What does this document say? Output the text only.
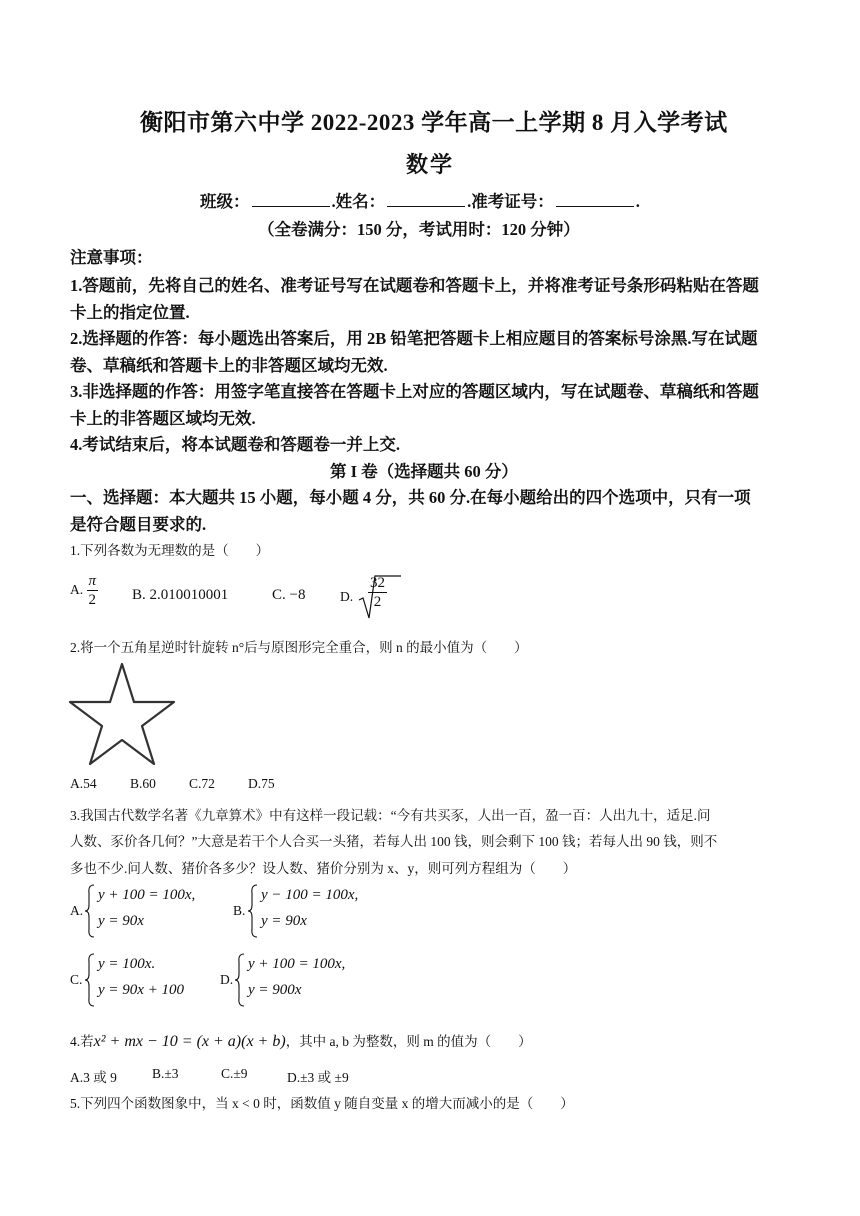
衡阳市第六中学 2022-2023 学年高一上学期 8 月入学考试
数学
班级：	.姓名：	.准考证号：	.
（全卷满分：150 分，考试用时：120 分钟）
注意事项：
1.答题前，先将自己的姓名、准考证号写在试题卷和答题卡上，并将准考证号条形码粘贴在答题
卡上的指定位置.
2.选择题的作答：每小题选出答案后，用 2B 铅笔把答题卡上相应题目的答案标号涂黑.写在试题
卷、草稿纸和答题卡上的非答题区域均无效.
3.非选择题的作答：用签字笔直接答在答题卡上对应的答题区域内，写在试题卷、草稿纸和答题
卡上的非答题区域均无效.
4.考试结束后，将本试题卷和答题卷一并上交.
第 I 卷（选择题共 60 分）
一、选择题：本大题共 15 小题，每小题 4 分，共 60 分.在每小题给出的四个选项中，只有一项
是符合题目要求的.
1.下列各数为无理数的是（　　）
A. $\frac{\pi}{2} B$. 2.010010001	C. −8	D. $\frac{32}{2}$
2.将一个五角星逆时针旋转 n°后与原图形完全重合，则 n 的最小值为（　　）
A.54 B.60 C.72 D.75
3.我国古代数学名著《九章算术》中有这样一段记载：“今有共买豕，人出一百，盈一百：人出九十，适足.问
人数、豕价各几何？”大意是若干个人合买一头猪，若每人出 100 钱，则会剩下 100 钱；若每人出 90 钱，则不
多也不少.问人数、猪价各多少？设人数、猪价分别为 x、y，则可列方程组为（　　）
A.
y + 100 = 100x,
y = 90x
B.
y − 100 = 100x,
y = 90x
C.
y = 100x.
y = 90x + 100
D.
y + 100 = 100x,
y = 900x
4.若x² + mx − 10 = (x + a)(x + b)，其中 a, b 为整数，则 m 的值为（　　）
A.3 或 9	B.±3	C.±9	D.±3 或 ±9
5.下列四个函数图象中，当 x < 0 时，函数值 y 随自变量 x 的增大而减小的是（　　）
